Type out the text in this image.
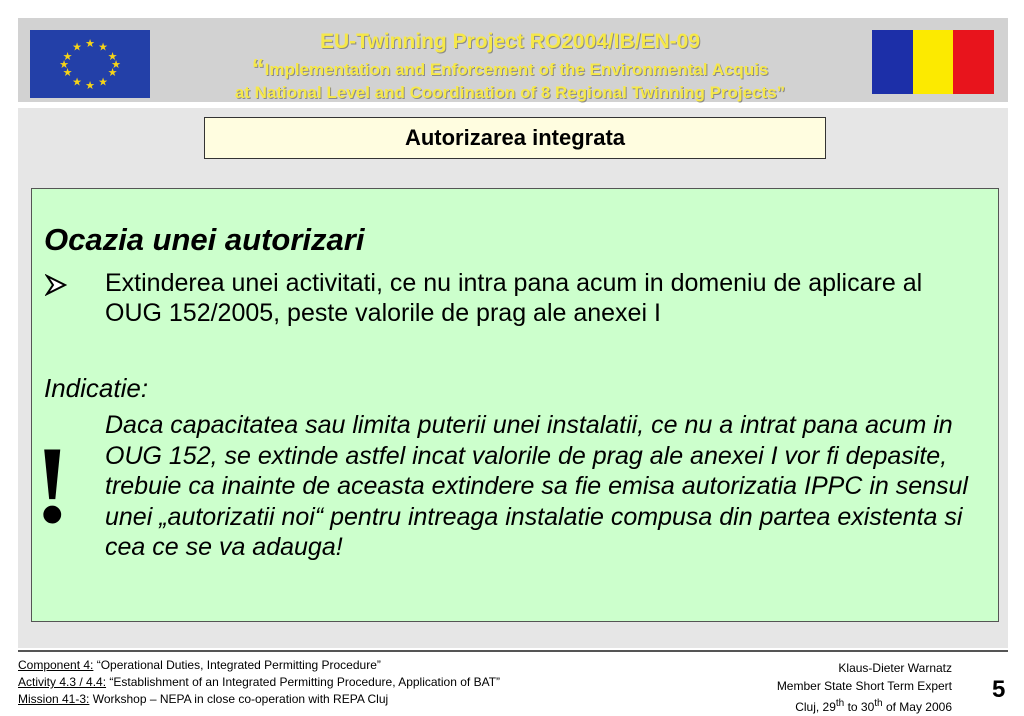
★ ★
★
★
★
★
★
★
★
★
★
★	EU-Twinning Project RO2004/IB/EN-09
“Implementation and Enforcement of the Environmental Acquis
at National Level and Coordination of 8 Regional Twinning Projects”
Autorizarea integrata
Ocazia unei autorizari
Extinderea unei activitati, ce nu intra pana acum in domeniu de aplicare al OUG 152/2005, peste valorile de prag ale anexei I
Indicatie:
! Daca capacitatea sau limita puterii unei instalatii, ce nu a intrat pana acum in OUG 152, se extinde astfel incat valorile de prag ale anexei I vor fi depasite, trebuie ca inainte de aceasta extindere sa fie emisa autorizatia IPPC in sensul unei „autorizatii noi“ pentru intreaga instalatie compusa din partea existenta si cea ce se va adauga!
Component 4: “Operational Duties, Integrated Permitting Procedure”
Activity 4.3 / 4.4: “Establishment of an Integrated Permitting Procedure, Application of BAT”
Mission 41-3: Workshop – NEPA in close co-operation with REPA Cluj
Klaus-Dieter Warnatz
Member State Short Term Expert
Cluj, 29th to 30th of May 2006
5
